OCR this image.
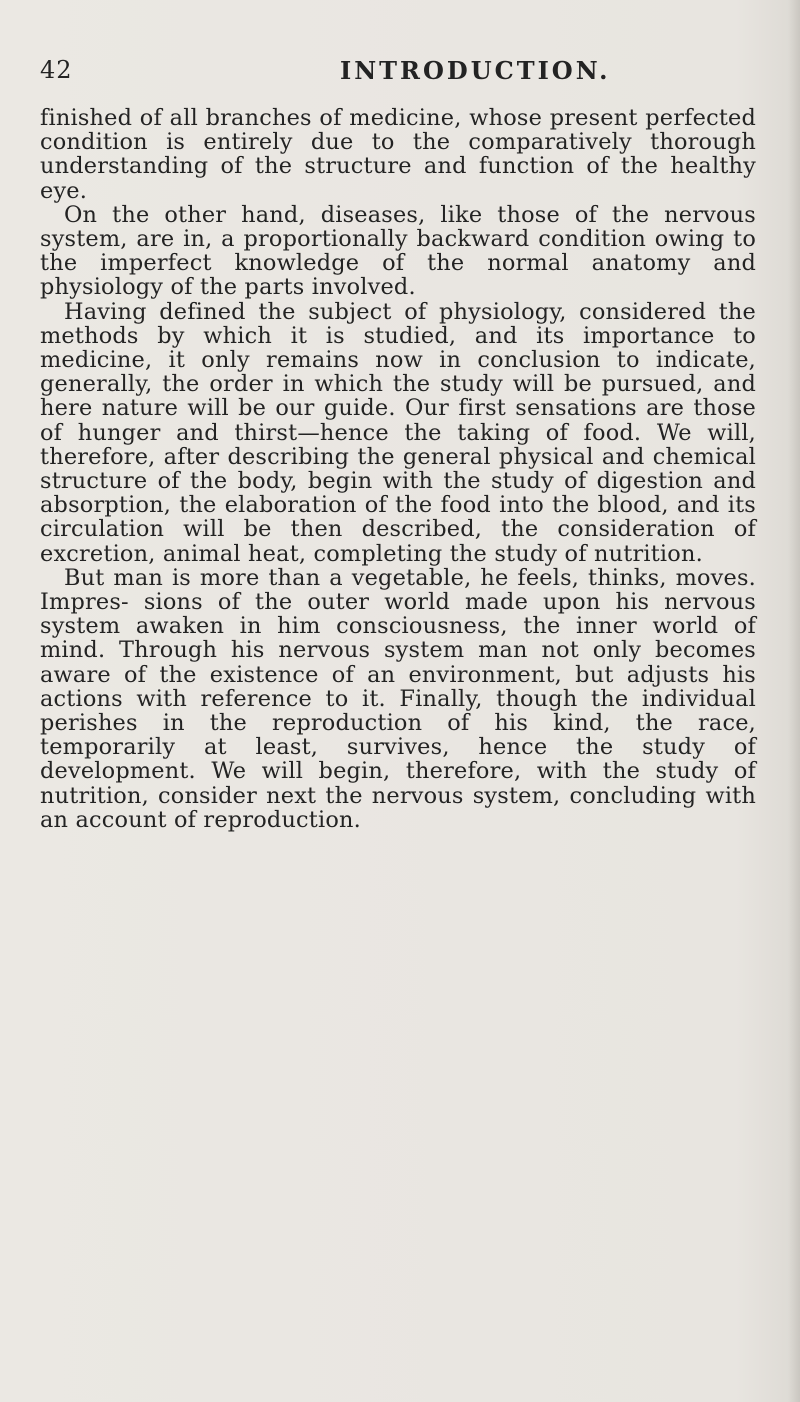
42	INTRODUCTION.

finished of all branches of medicine, whose present perfected condition is entirely due to the comparatively thorough understanding of the structure and function of the healthy eye.

On the other hand, diseases, like those of the nervous system, are in, a proportionally backward condition owing to the imperfect knowledge of the normal anatomy and physiology of the parts involved.

Having defined the subject of physiology, considered the methods by which it is studied, and its importance to medicine, it only remains now in conclusion to indicate, generally, the order in which the study will be pursued, and here nature will be our guide. Our first sensations are those of hunger and thirst—hence the taking of food. We will, therefore, after describing the general physical and chemical structure of the body, begin with the study of digestion and absorption, the elaboration of the food into the blood, and its circulation will be then described, the consideration of excretion, animal heat, completing the study of nutrition.

But man is more than a vegetable, he feels, thinks, moves. Impres- sions of the outer world made upon his nervous system awaken in him consciousness, the inner world of mind. Through his nervous system man not only becomes aware of the existence of an environment, but adjusts his actions with reference to it. Finally, though the individual perishes in the reproduction of his kind, the race, temporarily at least, survives, hence the study of development. We will begin, therefore, with the study of nutrition, consider next the nervous system, concluding with an account of reproduction.
